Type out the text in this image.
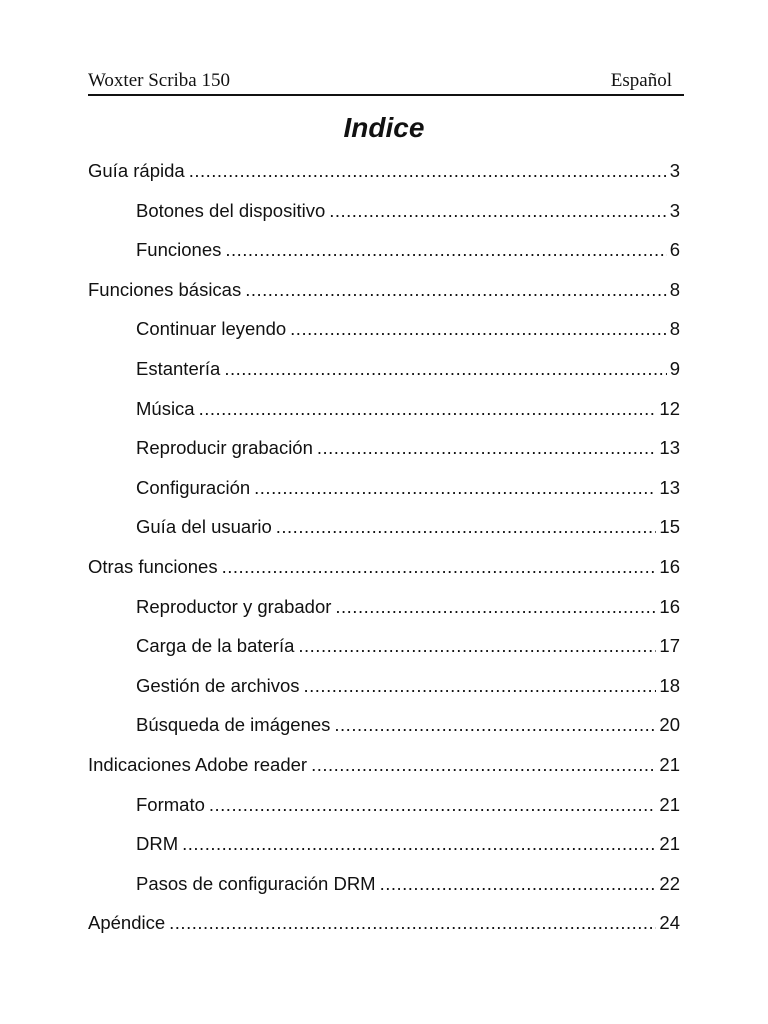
Woxter Scriba 150	Español
Indice
Guía rápida .....	3
Botones del dispositivo .....	3
Funciones .....	6
Funciones básicas .....	8
Continuar leyendo .....	8
Estantería .....	9
Música .....	12
Reproducir grabación .....	13
Configuración .....	13
Guía del usuario .....	15
Otras funciones .....	16
Reproductor y grabador .....	16
Carga de la batería .....	17
Gestión de archivos .....	18
Búsqueda de imágenes .....	20
Indicaciones Adobe reader .....	21
Formato .....	21
DRM .....	21
Pasos de configuración DRM .....	22
Apéndice .....	24
